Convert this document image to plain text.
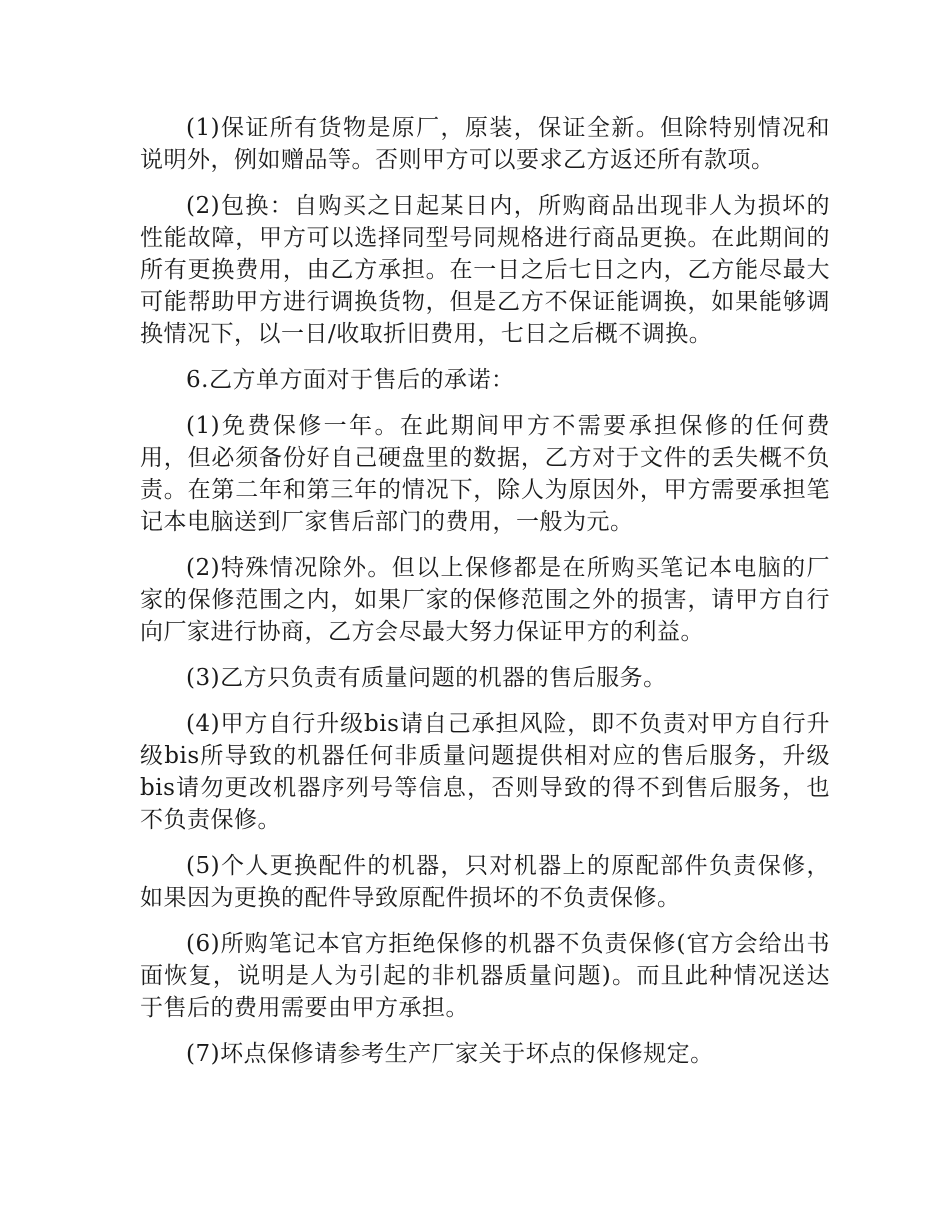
(1)保证所有货物是原厂，原装，保证全新。但除特别情况和说明外，例如赠品等。否则甲方可以要求乙方返还所有款项。

(2)包换：自购买之日起某日内，所购商品出现非人为损坏的性能故障，甲方可以选择同型号同规格进行商品更换。在此期间的所有更换费用，由乙方承担。在一日之后七日之内，乙方能尽最大可能帮助甲方进行调换货物，但是乙方不保证能调换，如果能够调换情况下，以一日/收取折旧费用，七日之后概不调换。

6.乙方单方面对于售后的承诺：

(1)免费保修一年。在此期间甲方不需要承担保修的任何费用，但必须备份好自己硬盘里的数据，乙方对于文件的丢失概不负责。在第二年和第三年的情况下，除人为原因外，甲方需要承担笔记本电脑送到厂家售后部门的费用，一般为元。

(2)特殊情况除外。但以上保修都是在所购买笔记本电脑的厂家的保修范围之内，如果厂家的保修范围之外的损害，请甲方自行向厂家进行协商，乙方会尽最大努力保证甲方的利益。

(3)乙方只负责有质量问题的机器的售后服务。

(4)甲方自行升级bis请自己承担风险，即不负责对甲方自行升级bis所导致的机器任何非质量问题提供相对应的售后服务，升级bis请勿更改机器序列号等信息，否则导致的得不到售后服务，也不负责保修。

(5)个人更换配件的机器，只对机器上的原配部件负责保修，如果因为更换的配件导致原配件损坏的不负责保修。

(6)所购笔记本官方拒绝保修的机器不负责保修(官方会给出书面恢复，说明是人为引起的非机器质量问题)。而且此种情况送达于售后的费用需要由甲方承担。

(7)坏点保修请参考生产厂家关于坏点的保修规定。
